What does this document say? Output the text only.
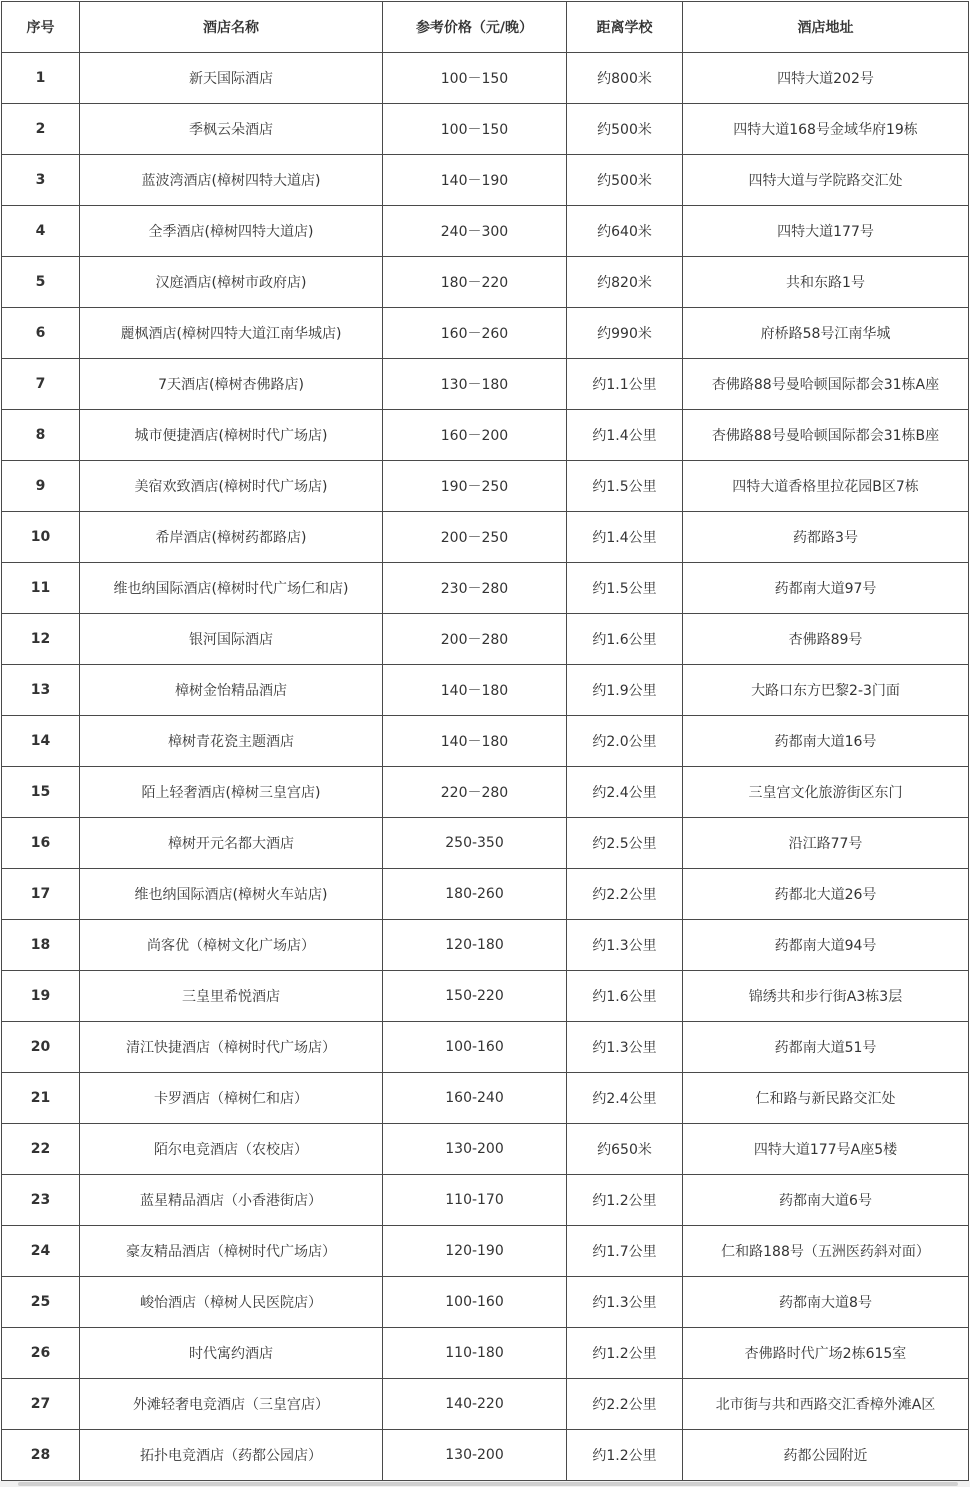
序号	酒店名称	参考价格（元/晚）	距离学校	酒店地址
1	新天国际酒店	100－150	约800米	四特大道202号
2	季枫云朵酒店	100－150	约500米	四特大道168号金域华府19栋
3	蓝波湾酒店(樟树四特大道店)	140－190	约500米	四特大道与学院路交汇处
4	全季酒店(樟树四特大道店)	240－300	约640米	四特大道177号
5	汉庭酒店(樟树市政府店)	180－220	约820米	共和东路1号
6	麗枫酒店(樟树四特大道江南华城店)	160－260	约990米	府桥路58号江南华城
7	7天酒店(樟树杏佛路店)	130－180	约1.1公里	杏佛路88号曼哈顿国际都会31栋A座
8	城市便捷酒店(樟树时代广场店)	160－200	约1.4公里	杏佛路88号曼哈顿国际都会31栋B座
9	美宿欢致酒店(樟树时代广场店)	190－250	约1.5公里	四特大道香格里拉花园B区7栋
10	希岸酒店(樟树药都路店)	200－250	约1.4公里	药都路3号
11	维也纳国际酒店(樟树时代广场仁和店)	230－280	约1.5公里	药都南大道97号
12	银河国际酒店	200－280	约1.6公里	杏佛路89号
13	樟树金怡精品酒店	140－180	约1.9公里	大路口东方巴黎2-3门面
14	樟树青花瓷主题酒店	140－180	约2.0公里	药都南大道16号
15	陌上轻奢酒店(樟树三皇宫店)	220－280	约2.4公里	三皇宫文化旅游街区东门
16	樟树开元名都大酒店	250-350	约2.5公里	沿江路77号
17	维也纳国际酒店(樟树火车站店)	180-260	约2.2公里	药都北大道26号
18	尚客优（樟树文化广场店）	120-180	约1.3公里	药都南大道94号
19	三皇里希悦酒店	150-220	约1.6公里	锦绣共和步行街A3栋3层
20	清江快捷酒店（樟树时代广场店）	100-160	约1.3公里	药都南大道51号
21	卡罗酒店（樟树仁和店）	160-240	约2.4公里	仁和路与新民路交汇处
22	陌尔电竞酒店（农校店）	130-200	约650米	四特大道177号A座5楼
23	蓝星精品酒店（小香港街店）	110-170	约1.2公里	药都南大道6号
24	豪友精品酒店（樟树时代广场店）	120-190	约1.7公里	仁和路188号（五洲医药斜对面）
25	峻怡酒店（樟树人民医院店）	100-160	约1.3公里	药都南大道8号
26	时代寓约酒店	110-180	约1.2公里	杏佛路时代广场2栋615室
27	外滩轻奢电竞酒店（三皇宫店）	140-220	约2.2公里	北市街与共和西路交汇香樟外滩A区
28	拓扑电竞酒店（药都公园店）	130-200	约1.2公里	药都公园附近
